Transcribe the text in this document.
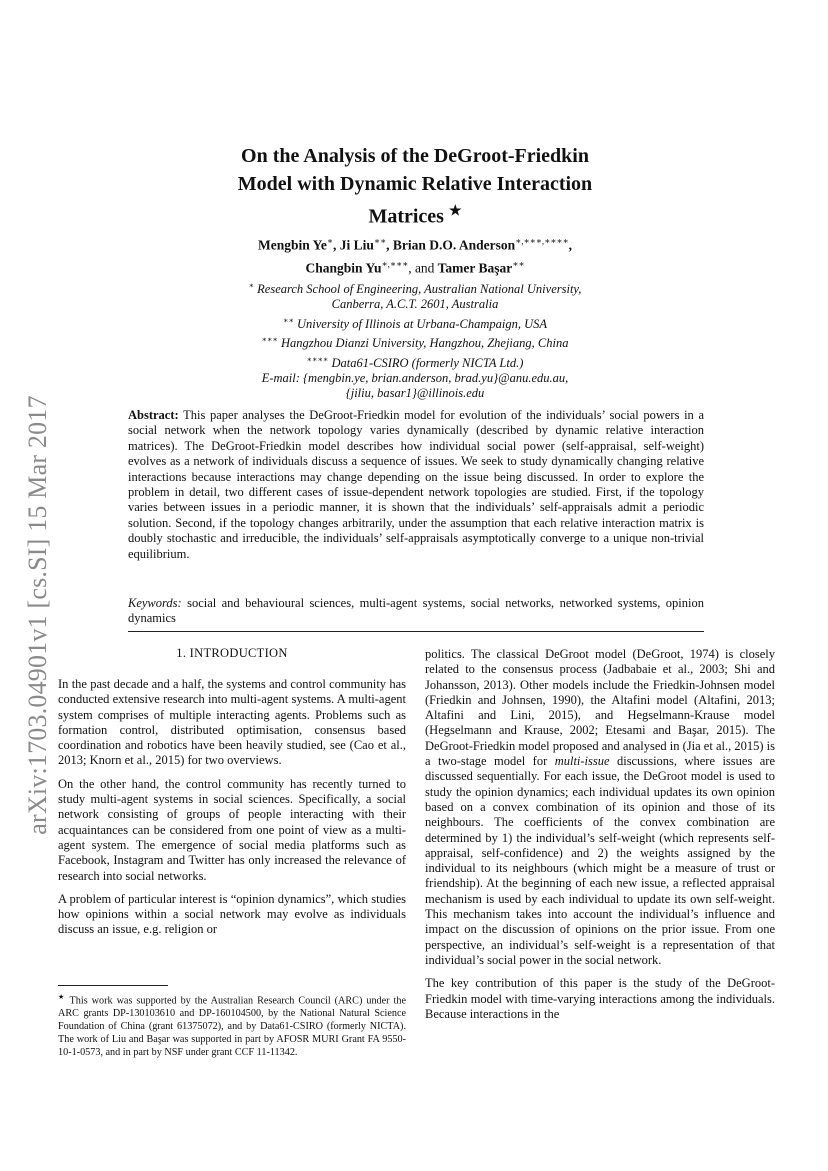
arXiv:1703.04901v1 [cs.SI] 15 Mar 2017
On the Analysis of the DeGroot-Friedkin
Model with Dynamic Relative Interaction
Matrices ★
Mengbin Ye∗, Ji Liu∗∗, Brian D.O. Anderson∗,∗∗∗,∗∗∗∗,
Changbin Yu∗,∗∗∗, and Tamer Başar∗∗
∗ Research School of Engineering, Australian National University,
Canberra, A.C.T. 2601, Australia
∗∗ University of Illinois at Urbana-Champaign, USA
∗∗∗ Hangzhou Dianzi University, Hangzhou, Zhejiang, China
∗∗∗∗ Data61-CSIRO (formerly NICTA Ltd.)
E-mail: {mengbin.ye, brian.anderson, brad.yu}@anu.edu.au,
{jiliu, basar1}@illinois.edu
Abstract: This paper analyses the DeGroot-Friedkin model for evolution of the individuals’ social powers in a social network when the network topology varies dynamically (described by dynamic relative interaction matrices). The DeGroot-Friedkin model describes how individual social power (self-appraisal, self-weight) evolves as a network of individuals discuss a sequence of issues. We seek to study dynamically changing relative interactions because interactions may change depending on the issue being discussed. In order to explore the problem in detail, two different cases of issue-dependent network topologies are studied. First, if the topology varies between issues in a periodic manner, it is shown that the individuals’ self-appraisals admit a periodic solution. Second, if the topology changes arbitrarily, under the assumption that each relative interaction matrix is doubly stochastic and irreducible, the individuals’ self-appraisals asymptotically converge to a unique non-trivial equilibrium.
Keywords: social and behavioural sciences, multi-agent systems, social networks, networked systems, opinion dynamics
1. INTRODUCTION

In the past decade and a half, the systems and control community has conducted extensive research into multi-agent systems. A multi-agent system comprises of multiple interacting agents. Problems such as formation control, distributed optimisation, consensus based coordination and robotics have been heavily studied, see (Cao et al., 2013; Knorn et al., 2015) for two overviews.

On the other hand, the control community has recently turned to study multi-agent systems in social sciences. Specifically, a social network consisting of groups of people interacting with their acquaintances can be considered from one point of view as a multi-agent system. The emergence of social media platforms such as Facebook, Instagram and Twitter has only increased the relevance of research into social networks.

A problem of particular interest is “opinion dynamics”, which studies how opinions within a social network may evolve as individuals discuss an issue, e.g. religion or

★ This work was supported by the Australian Research Council (ARC) under the ARC grants DP-130103610 and DP-160104500, by the National Natural Science Foundation of China (grant 61375072), and by Data61-CSIRO (formerly NICTA). The work of Liu and Başar was supported in part by AFOSR MURI Grant FA 9550-10-1-0573, and in part by NSF under grant CCF 11-11342.

politics. The classical DeGroot model (DeGroot, 1974) is closely related to the consensus process (Jadbabaie et al., 2003; Shi and Johansson, 2013). Other models include the Friedkin-Johnsen model (Friedkin and Johnsen, 1990), the Altafini model (Altafini, 2013; Altafini and Lini, 2015), and Hegselmann-Krause model (Hegselmann and Krause, 2002; Etesami and Başar, 2015). The DeGroot-Friedkin model proposed and analysed in (Jia et al., 2015) is a two-stage model for multi-issue discussions, where issues are discussed sequentially. For each issue, the DeGroot model is used to study the opinion dynamics; each individual updates its own opinion based on a convex combination of its opinion and those of its neighbours. The coefficients of the convex combination are determined by 1) the individual’s self-weight (which represents self-appraisal, self-confidence) and 2) the weights assigned by the individual to its neighbours (which might be a measure of trust or friendship). At the beginning of each new issue, a reflected appraisal mechanism is used by each individual to update its own self-weight. This mechanism takes into account the individual’s influence and impact on the discussion of opinions on the prior issue. From one perspective, an individual’s self-weight is a representation of that individual’s social power in the social network.

The key contribution of this paper is the study of the DeGroot-Friedkin model with time-varying interactions among the individuals. Because interactions in the
